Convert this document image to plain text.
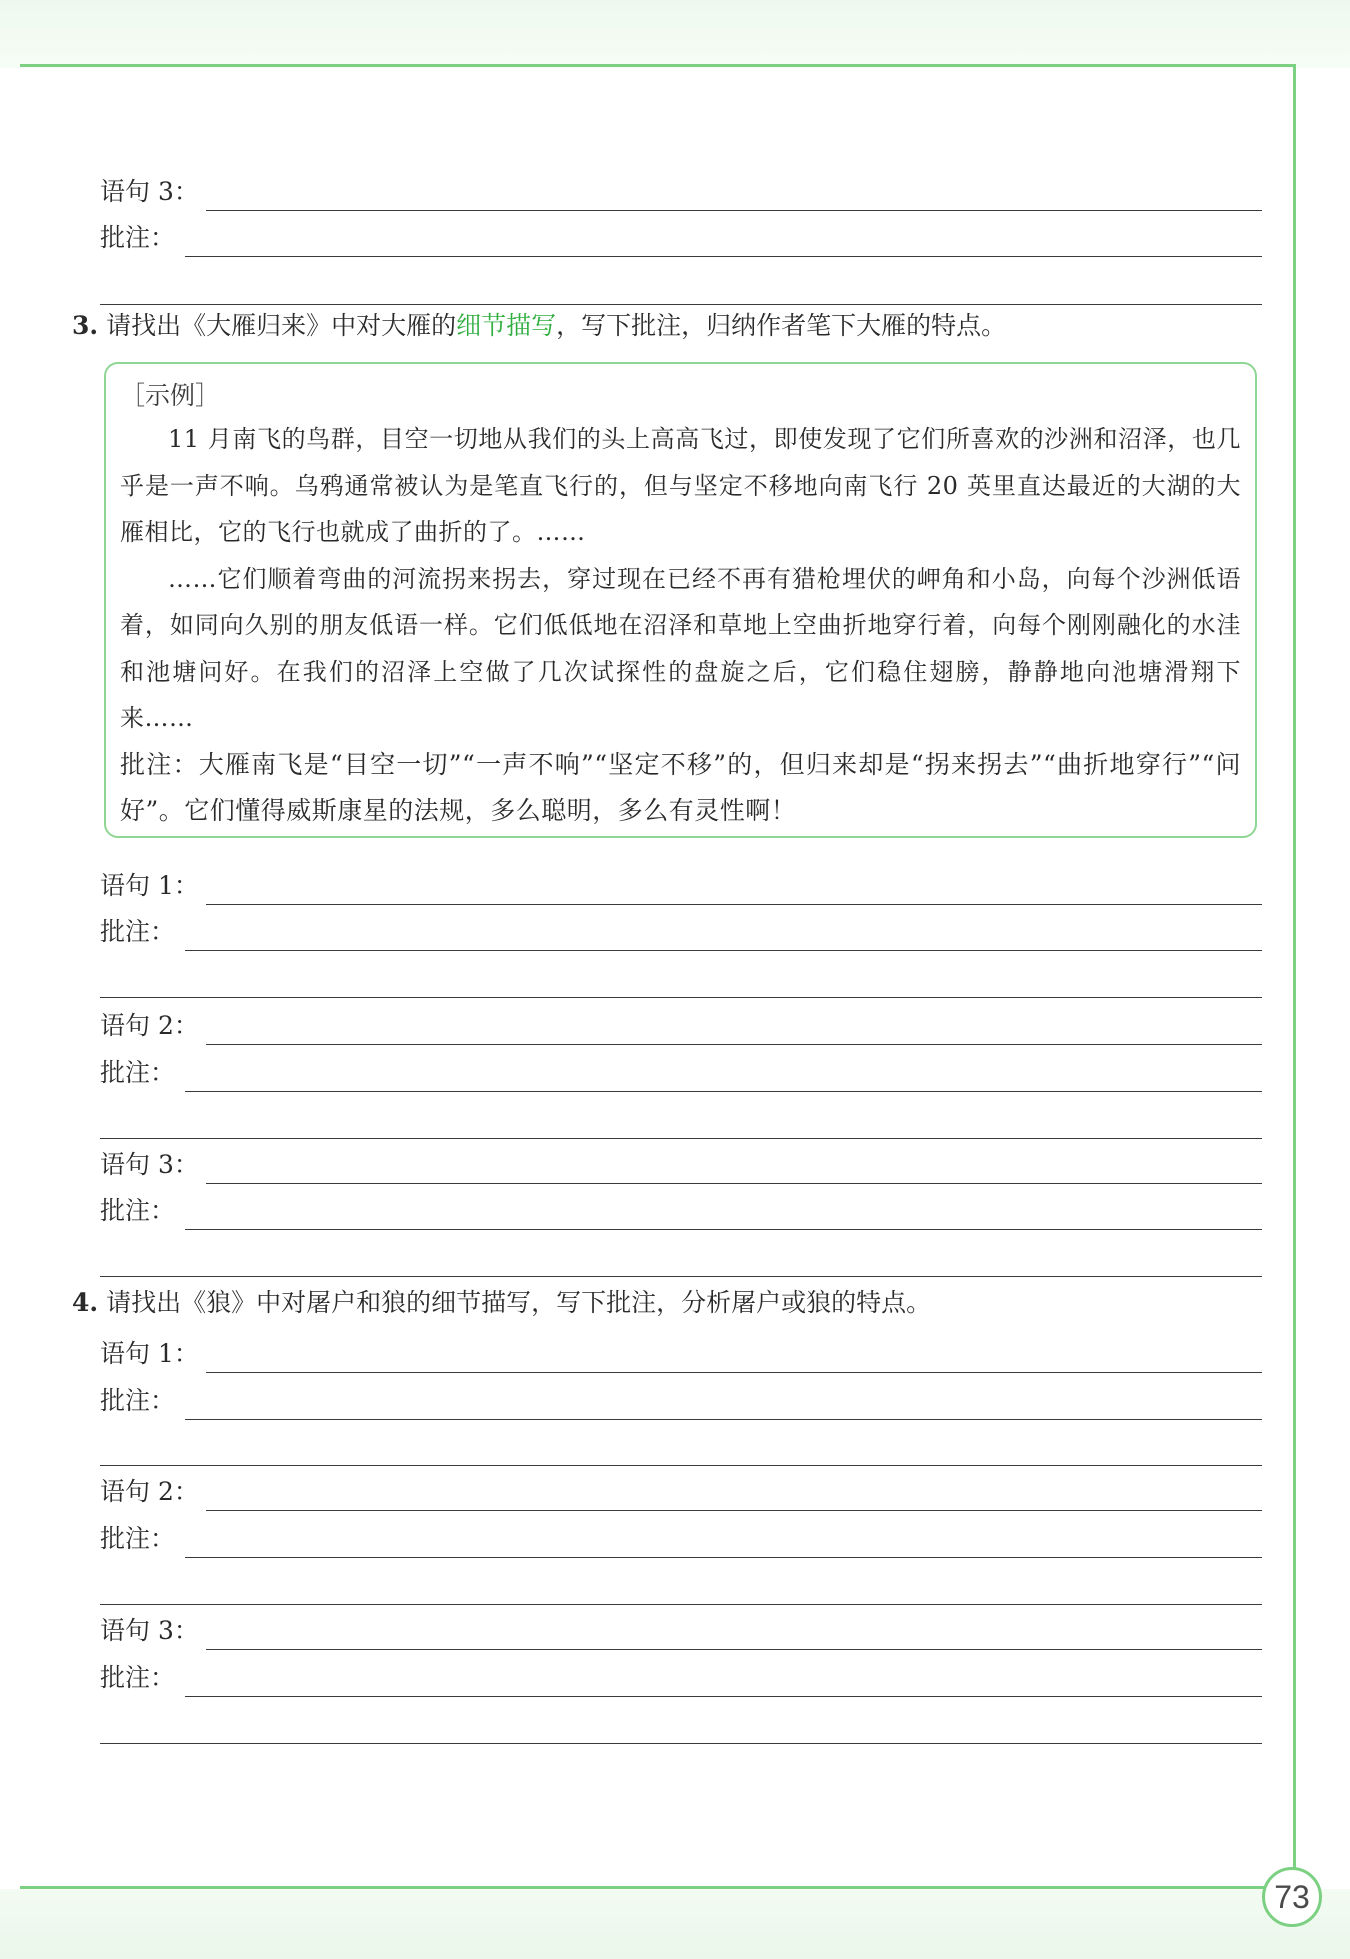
语句 3：
批注：
3. 请找出《大雁归来》中对大雁的细节描写，写下批注，归纳作者笔下大雁的特点。
［示例］

11 月南飞的鸟群，目空一切地从我们的头上高高飞过，即使发现了它们所喜欢的沙洲和沼泽，也几乎是一声不响。乌鸦通常被认为是笔直飞行的，但与坚定不移地向南飞行 20 英里直达最近的大湖的大雁相比，它的飞行也就成了曲折的了。……

……它们顺着弯曲的河流拐来拐去，穿过现在已经不再有猎枪埋伏的岬角和小岛，向每个沙洲低语着，如同向久别的朋友低语一样。它们低低地在沼泽和草地上空曲折地穿行着，向每个刚刚融化的水洼和池塘问好。在我们的沼泽上空做了几次试探性的盘旋之后，它们稳住翅膀，静静地向池塘滑翔下来……

批注：大雁南飞是“目空一切”“一声不响”“坚定不移”的，但归来却是“拐来拐去”“曲折地穿行”“问好”。它们懂得威斯康星的法规，多么聪明，多么有灵性啊！

语句 1：
批注：
语句 2：
批注：
语句 3：
批注：
4. 请找出《狼》中对屠户和狼的细节描写，写下批注，分析屠户或狼的特点。
语句 1：
批注：
语句 2：
批注：
语句 3：
批注：
73
